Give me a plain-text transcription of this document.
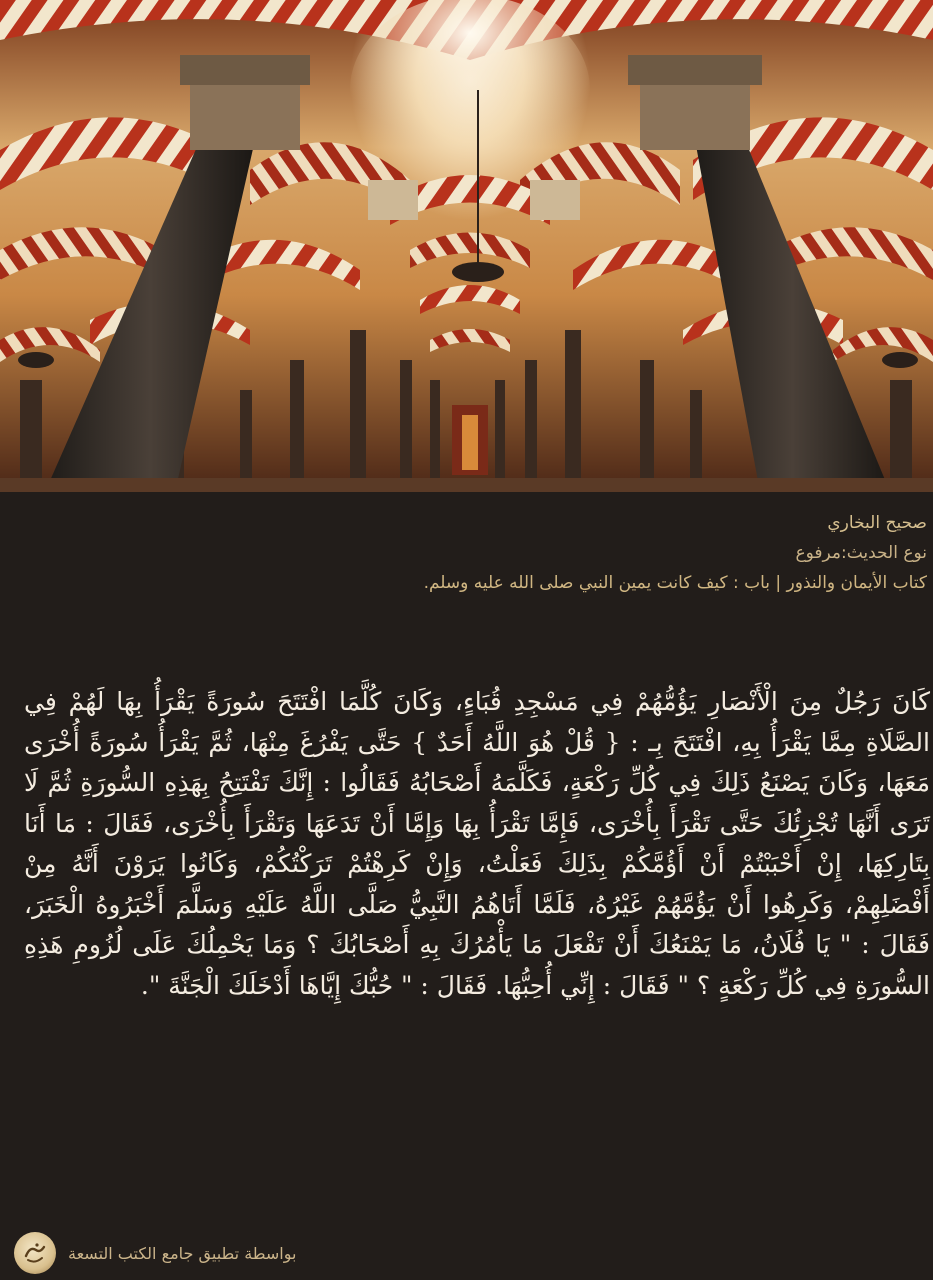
صحيح البخاري
نوع الحديث:مرفوع
كتاب الأيمان والنذور | باب : كيف كانت يمين النبي صلى الله عليه وسلم.

كَانَ رَجُلٌ مِنَ الْأَنْصَارِ يَؤُمُّهُمْ فِي مَسْجِدِ قُبَاءٍ، وَكَانَ كُلَّمَا افْتَتَحَ سُورَةً يَقْرَأُ بِهَا لَهُمْ فِي الصَّلَاةِ مِمَّا يَقْرَأُ بِهِ، افْتَتَحَ بِـ : { قُلْ هُوَ اللَّهُ أَحَدٌ } حَتَّى يَفْرُغَ مِنْهَا، ثُمَّ يَقْرَأُ سُورَةً أُخْرَى مَعَهَا، وَكَانَ يَصْنَعُ ذَلِكَ فِي كُلِّ رَكْعَةٍ، فَكَلَّمَهُ أَصْحَابُهُ فَقَالُوا : إِنَّكَ تَفْتَتِحُ بِهَذِهِ السُّورَةِ ثُمَّ لَا تَرَى أَنَّهَا تُجْزِئُكَ حَتَّى تَقْرَأَ بِأُخْرَى، فَإِمَّا تَقْرَأُ بِهَا وَإِمَّا أَنْ تَدَعَهَا وَتَقْرَأَ بِأُخْرَى، فَقَالَ : مَا أَنَا بِتَارِكِهَا، إِنْ أَحْبَبْتُمْ أَنْ أَؤُمَّكُمْ بِذَلِكَ فَعَلْتُ، وَإِنْ كَرِهْتُمْ تَرَكْتُكُمْ، وَكَانُوا يَرَوْنَ أَنَّهُ مِنْ أَفْضَلِهِمْ، وَكَرِهُوا أَنْ يَؤُمَّهُمْ غَيْرُهُ، فَلَمَّا أَتَاهُمُ النَّبِيُّ صَلَّى اللَّهُ عَلَيْهِ وَسَلَّمَ أَخْبَرُوهُ الْخَبَرَ، فَقَالَ : " يَا فُلَانُ، مَا يَمْنَعُكَ أَنْ تَفْعَلَ مَا يَأْمُرُكَ بِهِ أَصْحَابُكَ ؟ وَمَا يَحْمِلُكَ عَلَى لُزُومِ هَذِهِ السُّورَةِ فِي كُلِّ رَكْعَةٍ ؟ " فَقَالَ : إِنِّي أُحِبُّهَا. فَقَالَ : " حُبُّكَ إِيَّاهَا أَدْخَلَكَ الْجَنَّةَ ".

بواسطة تطبيق جامع الكتب التسعة
